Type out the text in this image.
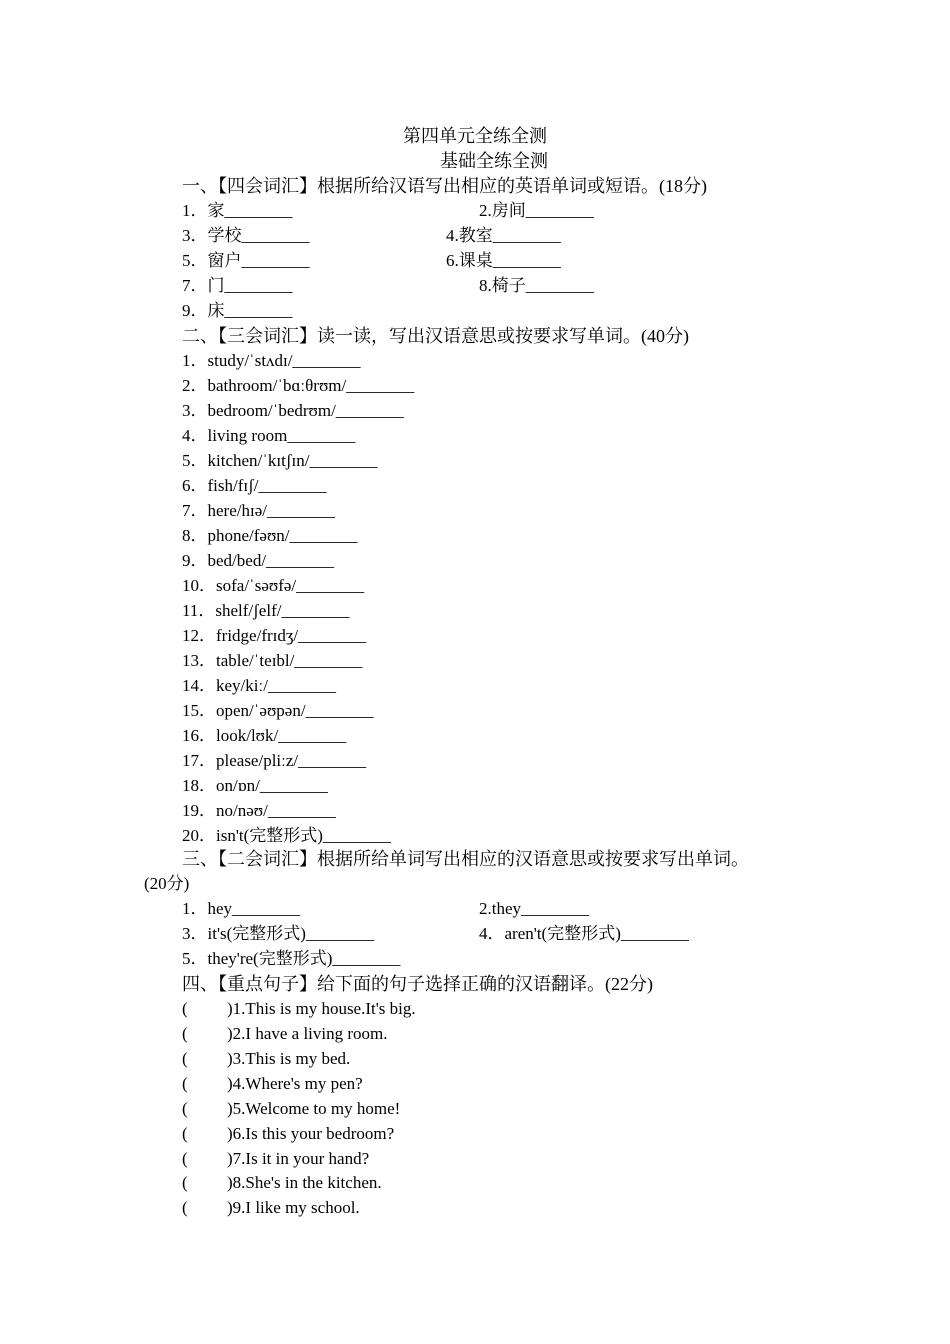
第四单元全练全测
基础全练全测
一、【四会词汇】根据所给汉语写出相应的英语单词或短语。(18分)
1．家________	2.房间________
3．学校________	4.教室________
5．窗户________	6.课桌________
7．门________	8.椅子________
9．床________
二、【三会词汇】读一读，写出汉语意思或按要求写单词。(40分)
1．study/ˈstʌdɪ/________
2．bathroom/ˈbɑːθrʊm/________
3．bedroom/ˈbedrʊm/________
4．living room________
5．kitchen/ˈkɪtʃɪn/________
6．fish/fɪʃ/________
7．here/hɪə/________
8．phone/fəʊn/________
9．bed/bed/________
10．sofa/ˈsəʊfə/________
11．shelf/ʃelf/________
12．fridge/frɪdʒ/________
13．table/ˈteɪbl/________
14．key/kiː/________
15．open/ˈəʊpən/________
16．look/lʊk/________
17．please/pliːz/________
18．on/ɒn/________
19．no/nəʊ/________
20．isn't(完整形式)________
三、【二会词汇】根据所给单词写出相应的汉语意思或按要求写出单词。
(20分)
1．hey________	2.they________
3．it's(完整形式)________	4．aren't(完整形式)________
5．they're(完整形式)________
四、【重点句子】给下面的句子选择正确的汉语翻译。(22分)
( )1.This is my house.It's big.
( )2.I have a living room.
( )3.This is my bed.
( )4.Where's my pen?
( )5.Welcome to my home!
( )6.Is this your bedroom?
( )7.Is it in your hand?
( )8.She's in the kitchen.
( )9.I like my school.
